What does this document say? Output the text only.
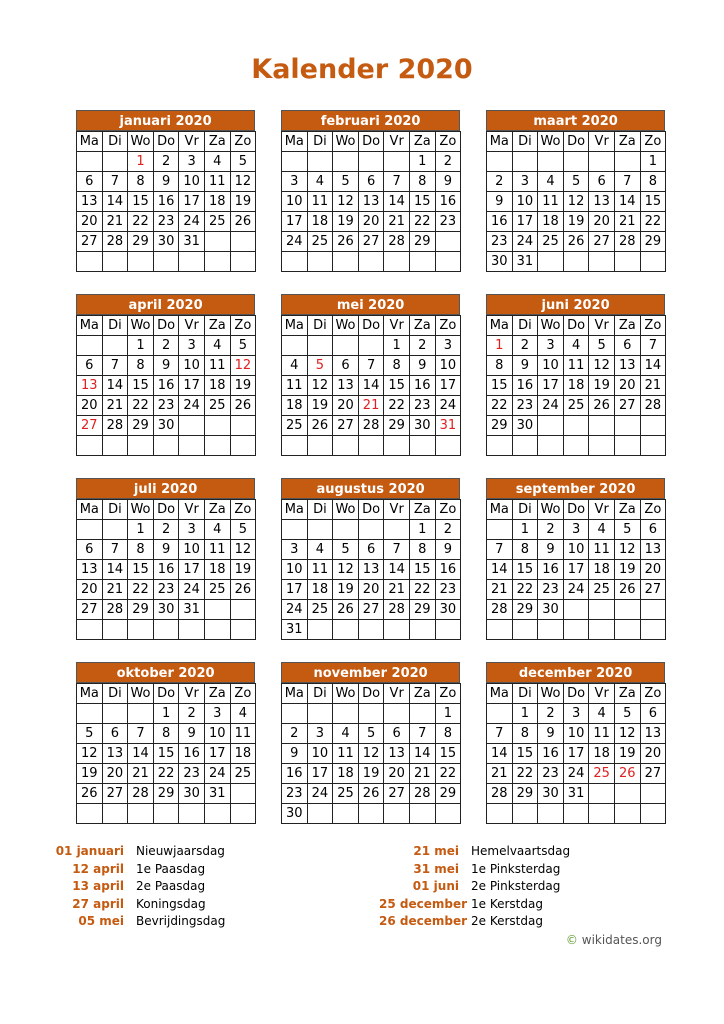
Kalender 2020
januari 2020
Ma	Di	Wo	Do	Vr	Za	Zo
		1	2	3	4	5
6	7	8	9	10	11	12
13	14	15	16	17	18	19
20	21	22	23	24	25	26
27	28	29	30	31		

februari 2020
Ma	Di	Wo	Do	Vr	Za	Zo
					1	2
3	4	5	6	7	8	9
10	11	12	13	14	15	16
17	18	19	20	21	22	23
24	25	26	27	28	29	

maart 2020
Ma	Di	Wo	Do	Vr	Za	Zo
						1
2	3	4	5	6	7	8
9	10	11	12	13	14	15
16	17	18	19	20	21	22
23	24	25	26	27	28	29
30	31					
april 2020
Ma	Di	Wo	Do	Vr	Za	Zo
		1	2	3	4	5
6	7	8	9	10	11	12
13	14	15	16	17	18	19
20	21	22	23	24	25	26
27	28	29	30			

mei 2020
Ma	Di	Wo	Do	Vr	Za	Zo
				1	2	3
4	5	6	7	8	9	10
11	12	13	14	15	16	17
18	19	20	21	22	23	24
25	26	27	28	29	30	31

juni 2020
Ma	Di	Wo	Do	Vr	Za	Zo
1	2	3	4	5	6	7
8	9	10	11	12	13	14
15	16	17	18	19	20	21
22	23	24	25	26	27	28
29	30					

juli 2020
Ma	Di	Wo	Do	Vr	Za	Zo
		1	2	3	4	5
6	7	8	9	10	11	12
13	14	15	16	17	18	19
20	21	22	23	24	25	26
27	28	29	30	31		

augustus 2020
Ma	Di	Wo	Do	Vr	Za	Zo
					1	2
3	4	5	6	7	8	9
10	11	12	13	14	15	16
17	18	19	20	21	22	23
24	25	26	27	28	29	30
31						
september 2020
Ma	Di	Wo	Do	Vr	Za	Zo
	1	2	3	4	5	6
7	8	9	10	11	12	13
14	15	16	17	18	19	20
21	22	23	24	25	26	27
28	29	30				

oktober 2020
Ma	Di	Wo	Do	Vr	Za	Zo
			1	2	3	4
5	6	7	8	9	10	11
12	13	14	15	16	17	18
19	20	21	22	23	24	25
26	27	28	29	30	31	

november 2020
Ma	Di	Wo	Do	Vr	Za	Zo
						1
2	3	4	5	6	7	8
9	10	11	12	13	14	15
16	17	18	19	20	21	22
23	24	25	26	27	28	29
30						
december 2020
Ma	Di	Wo	Do	Vr	Za	Zo
	1	2	3	4	5	6
7	8	9	10	11	12	13
14	15	16	17	18	19	20
21	22	23	24	25	26	27
28	29	30	31			

01 januari Nieuwjaarsdag
12 april 1e Paasdag
13 april 2e Paasdag
27 april Koningsdag
05 mei Bevrijdingsdag
21 mei Hemelvaartsdag
31 mei 1e Pinksterdag
01 juni 2e Pinksterdag
25 december 1e Kerstdag
26 december 2e Kerstdag
© wikidates.org
